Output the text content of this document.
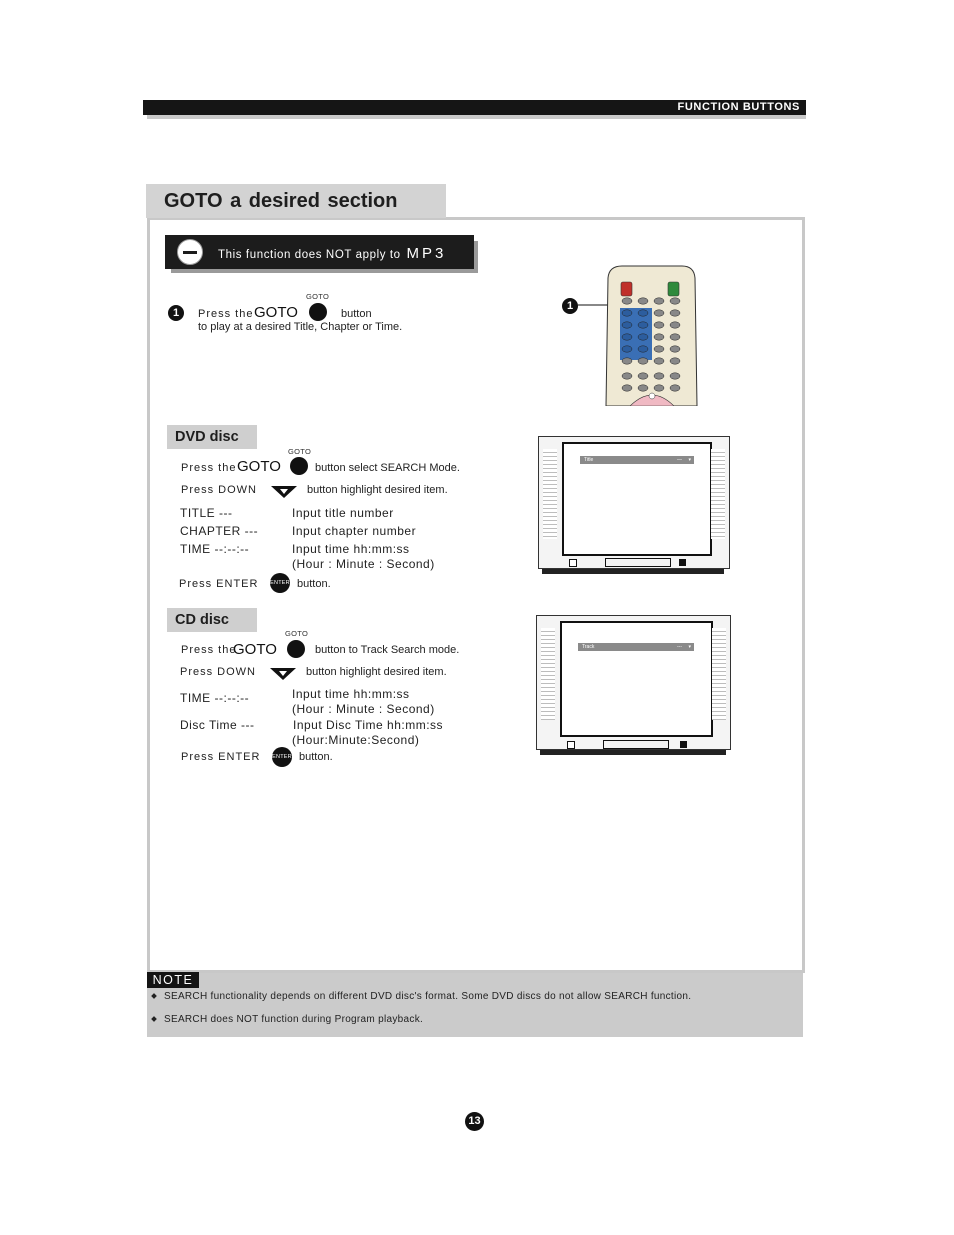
FUNCTION BUTTONS
GOTO a desired section
This function does NOT apply to MP3
1
GOTO
Press the GOTO	button
to play at a desired Title, Chapter or Time.
1
DVD disc
GOTO
Press the GOTO	button select SEARCH Mode.
Press DOWN	button highlight desired item.
TITLE ---	Input title number
CHAPTER ---	Input chapter number
TIME --:--:--	Input time hh:mm:ss
(Hour : Minute : Second)
Press ENTER ENTER button.
Title	— ▾
CD disc
GOTO
Press the
GOTO	button to Track Search mode.
Press DOWN	button highlight desired item.
TIME --:--:--	Input time hh:mm:ss
(Hour : Minute : Second)
Disc Time ---	Input Disc Time hh:mm:ss
(Hour:Minute:Second)
Press ENTER ENTER button.
Track	--- ▾
NOTE
SEARCH functionality depends on different DVD disc's format. Some DVD discs do not allow SEARCH function.
SEARCH does NOT function during Program playback.
13
